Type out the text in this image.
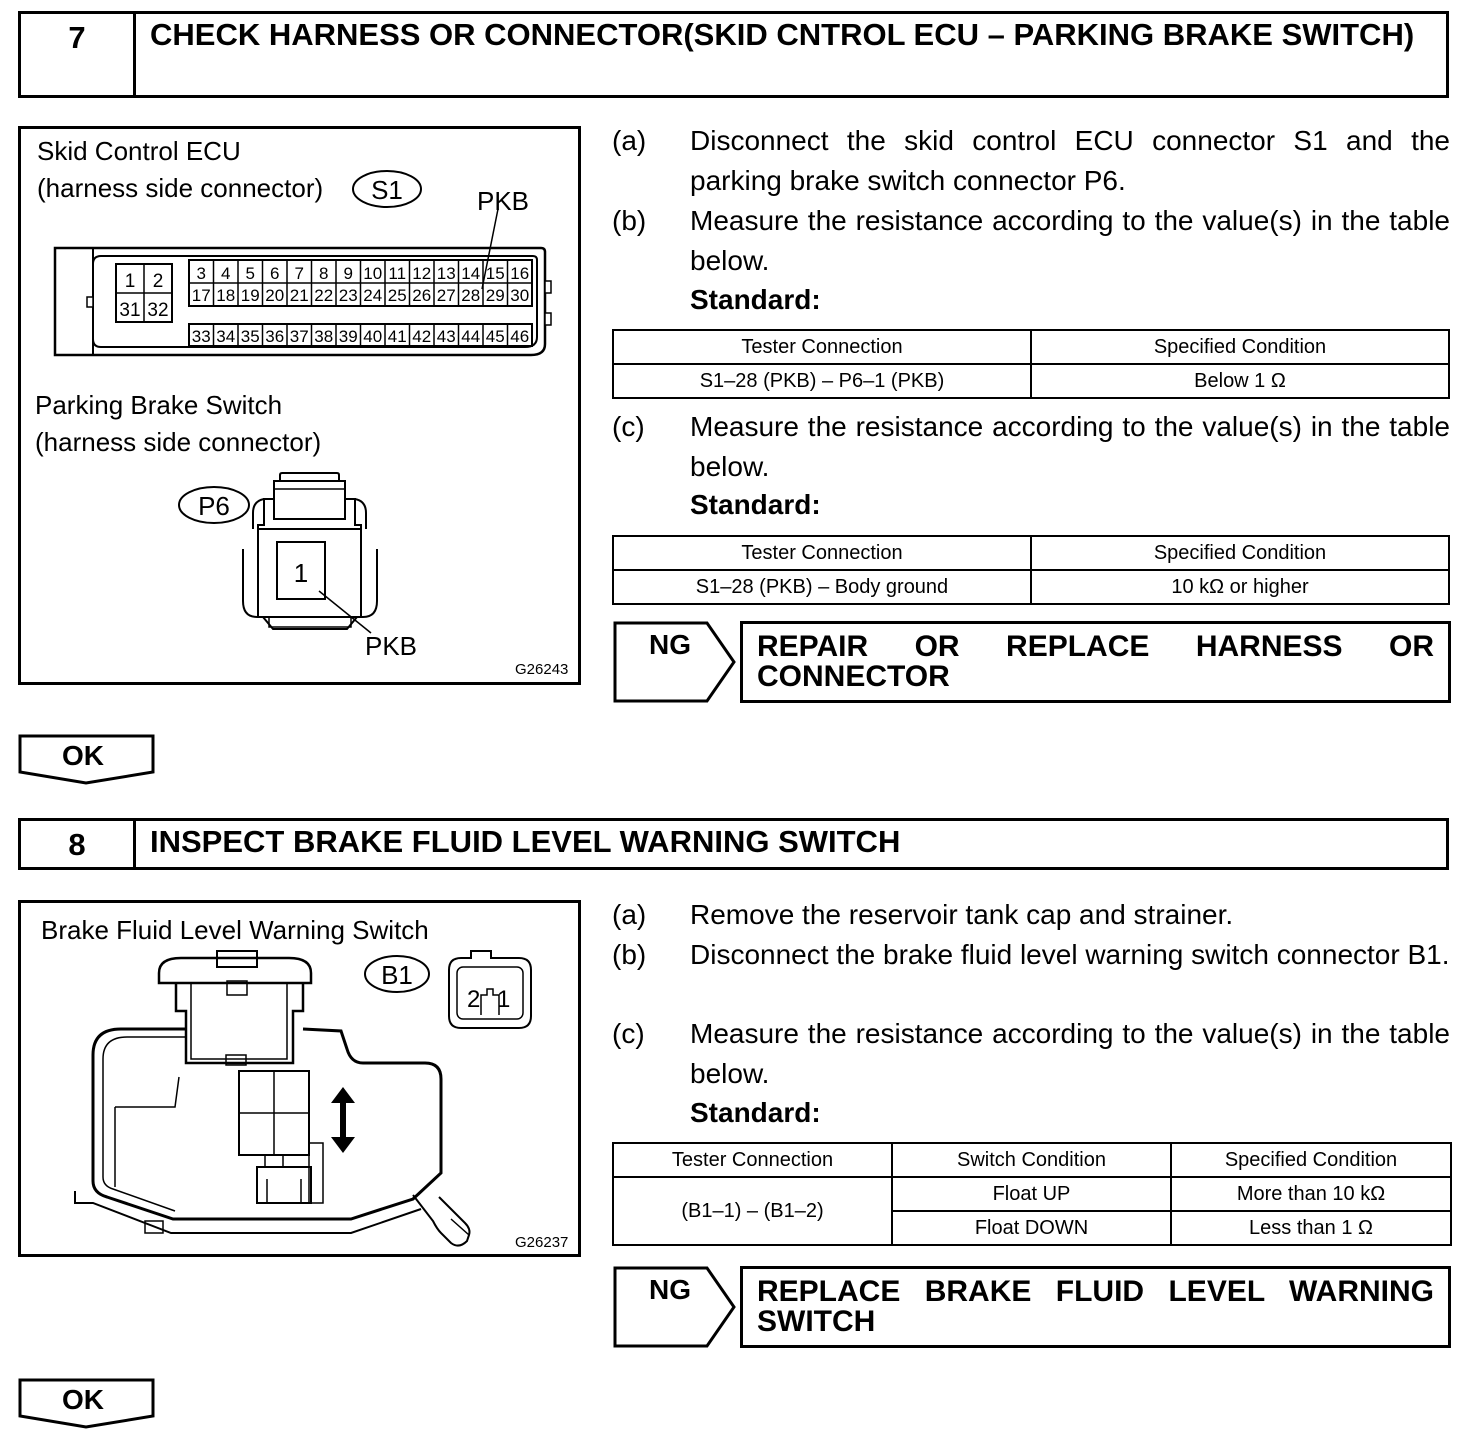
7	CHECK HARNESS OR CONNECTOR(SKID CNTROL ECU – PARKING BRAKE SWITCH)
Skid Control ECU
(harness side connector)	PKB
S1
3 4 5 6 7 8 9 10 11 12 13 14 15 16
17 18 19 20 21 22 23 24 25 26 27 28 29 30
33 34 35 36 37 38 39 40 41 42 43 44 45 46
1 2
31 32
P6
1
Parking Brake Switch
(harness side connector)
PKB
G26243
(a) Disconnect the skid control ECU connector S1 and the parking brake switch connector P6.
(b) Measure the resistance according to the value(s) in the table below.
Standard:
Tester Connection	Specified Condition
S1–28 (PKB) – P6–1 (PKB)	Below 1 Ω
(c) Measure the resistance according to the value(s) in the table below.
Standard:
Tester Connection	Specified Condition
S1–28 (PKB) – Body ground	10 kΩ or higher
NG REPAIR OR REPLACE HARNESS OR
CONNECTOR
OK
8	INSPECT BRAKE FLUID LEVEL WARNING SWITCH
Brake Fluid Level Warning Switch
B1
2 1
G26237
(a) Remove the reservoir tank cap and strainer.
(b) Disconnect the brake fluid level warning switch connector B1.
(c) Measure the resistance according to the value(s) in the table below.
Standard:
Tester Connection	Switch Condition	Specified Condition
(B1–1) – (B1–2)	Float UP	More than 10 kΩ
	Float DOWN	Less than 1 Ω
NG REPLACE BRAKE FLUID LEVEL WARNING
SWITCH
OK
